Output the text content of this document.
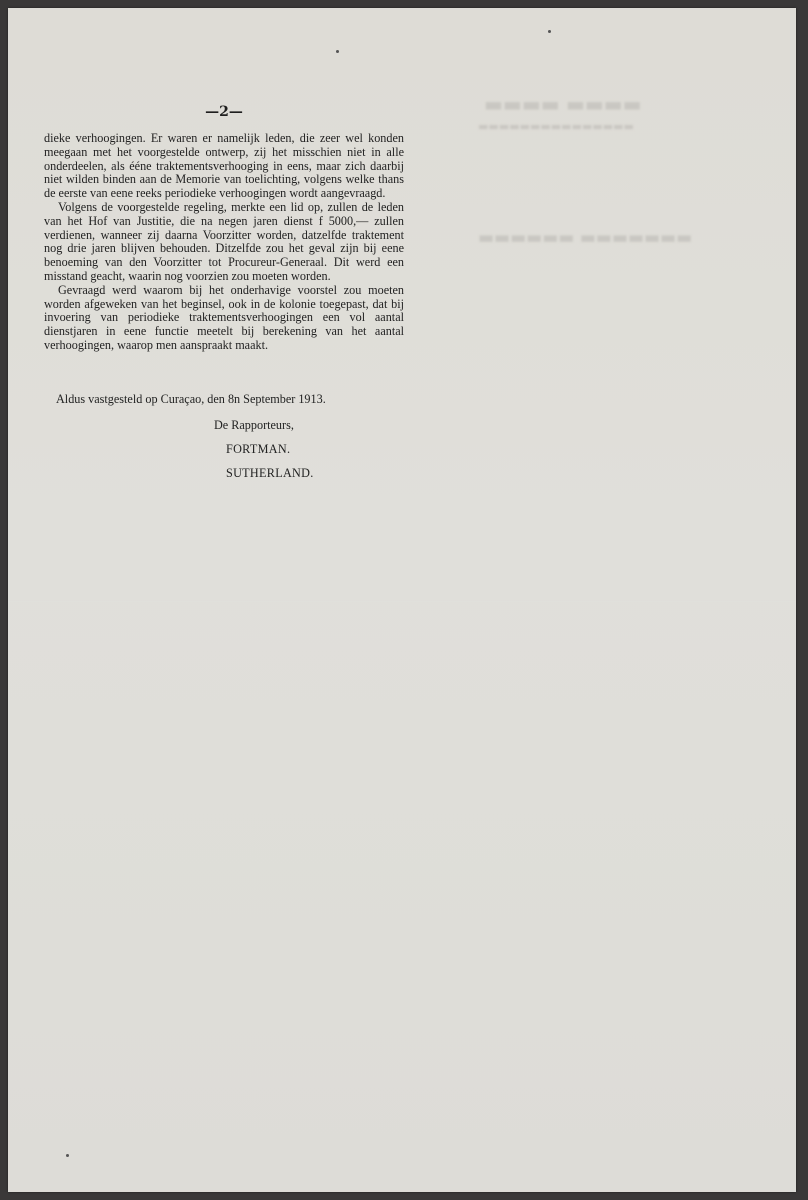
▬▬▬▬ ▬▬▬▬
▬▬▬▬▬▬▬▬▬▬▬▬▬▬▬
▬▬▬▬▬▬▬ ▬▬▬▬▬▬
—2—

dieke verhoogingen. Er waren er namelijk leden, die zeer wel konden meegaan met het voorgestelde ontwerp, zij het misschien niet in alle onderdeelen, als ééne traktementsverhooging in eens, maar zich daarbij niet wilden binden aan de Memorie van toelichting, volgens welke thans de eerste van eene reeks periodieke verhoogingen wordt aangevraagd.

Volgens de voorgestelde regeling, merkte een lid op, zullen de leden van het Hof van Justitie, die na negen jaren dienst f 5000,— zullen verdienen, wanneer zij daarna Voorzitter worden, datzelfde traktement nog drie jaren blijven behouden. Ditzelfde zou het geval zijn bij eene benoeming van den Voorzitter tot Procureur-Generaal. Dit werd een misstand geacht, waarin nog voorzien zou moeten worden.

Gevraagd werd waarom bij het onderhavige voorstel zou moeten worden afgeweken van het beginsel, ook in de kolonie toegepast, dat bij invoering van periodieke traktementsverhoogingen een vol aantal dienstjaren in eene functie meetelt bij berekening van het aantal verhoogingen, waarop men aanspraakt maakt.

Aldus vastgesteld op Curaçao, den 8n September 1913.
De Rapporteurs,
FORTMAN.
SUTHERLAND.
